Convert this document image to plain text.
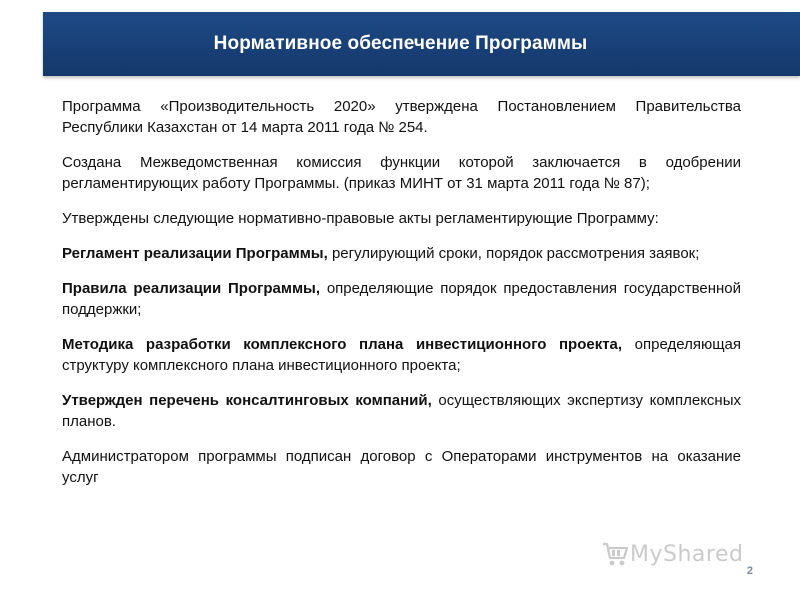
Нормативное обеспечение Программы

Программа «Производительность 2020» утверждена Постановлением Правительства Республики Казахстан от 14 марта 2011 года № 254.

Создана Межведомственная комиссия функции которой заключается в одобрении регламентирующих работу Программы. (приказ МИНТ от 31 марта 2011 года № 87);

Утверждены следующие нормативно-правовые акты регламентирующие Программу:

Регламент реализации Программы, регулирующий сроки, порядок рассмотрения заявок;

Правила реализации Программы, определяющие порядок предоставления государственной поддержки;

Методика разработки комплексного плана инвестиционного проекта, определяющая структуру комплексного плана инвестиционного проекта;

Утвержден перечень консалтинговых компаний, осуществляющих экспертизу комплексных планов.

Администратором программы подписан договор с Операторами инструментов на оказание услуг

MyShared
2
